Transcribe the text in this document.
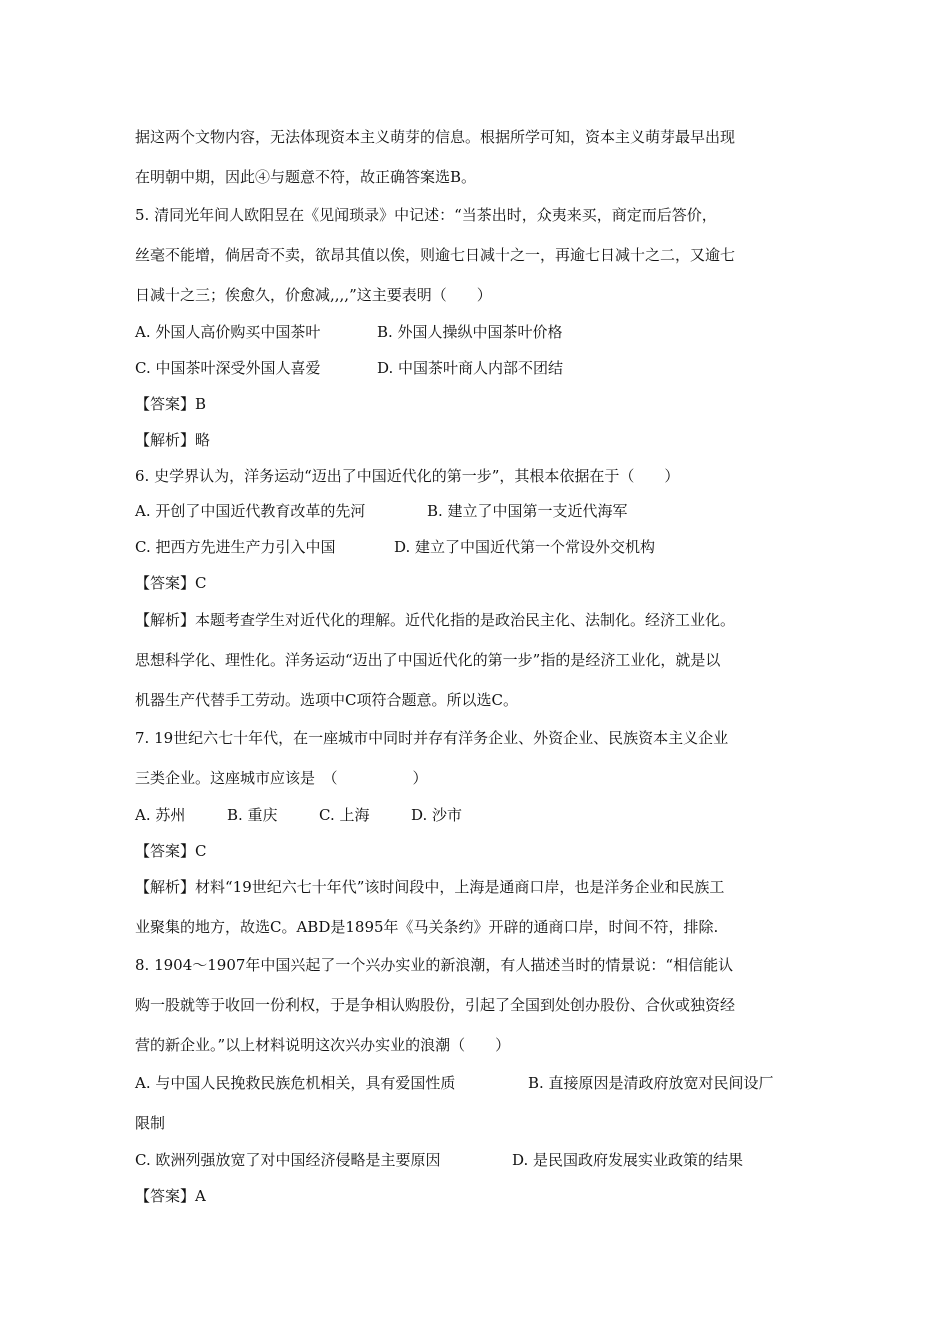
据这两个文物内容，无法体现资本主义萌芽的信息。根据所学可知，资本主义萌芽最早出现
在明朝中期，因此④与题意不符，故正确答案选B。
5. 清同光年间人欧阳昱在《见闻琐录》中记述：“当茶出时，众夷来买，商定而后答价，
丝毫不能增，倘居奇不卖，欲昂其值以俟，则逾七日减十之一，再逾七日减十之二，又逾七
日减十之三；俟愈久，价愈减,,,,”这主要表明（　　）
A. 外国人高价购买中国茶叶	B. 外国人操纵中国茶叶价格
C. 中国茶叶深受外国人喜爱	D. 中国茶叶商人内部不团结
【答案】B
【解析】略
6. 史学界认为，洋务运动“迈出了中国近代化的第一步”，其根本依据在于（　　）
A. 开创了中国近代教育改革的先河	B. 建立了中国第一支近代海军
C. 把西方先进生产力引入中国	D. 建立了中国近代第一个常设外交机构
【答案】C
【解析】本题考查学生对近代化的理解。近代化指的是政治民主化、法制化。经济工业化。
思想科学化、理性化。洋务运动“迈出了中国近代化的第一步”指的是经济工业化，就是以
机器生产代替手工劳动。选项中C项符合题意。所以选C。
7. 19世纪六七十年代，在一座城市中同时并存有洋务企业、外资企业、民族资本主义企业
三类企业。这座城市应该是　（　　　　　）
A. 苏州	B. 重庆	C. 上海	D. 沙市
【答案】C
【解析】材料“19世纪六七十年代”该时间段中，上海是通商口岸，也是洋务企业和民族工
业聚集的地方，故选C。ABD是1895年《马关条约》开辟的通商口岸，时间不符，排除.
8. 1904～1907年中国兴起了一个兴办实业的新浪潮，有人描述当时的情景说：“相信能认
购一股就等于收回一份利权，于是争相认购股份，引起了全国到处创办股份、合伙或独资经
营的新企业。”以上材料说明这次兴办实业的浪潮（　　）
A. 与中国人民挽救民族危机相关，具有爱国性质	B. 直接原因是清政府放宽对民间设厂
限制
C. 欧洲列强放宽了对中国经济侵略是主要原因	D. 是民国政府发展实业政策的结果
【答案】A
